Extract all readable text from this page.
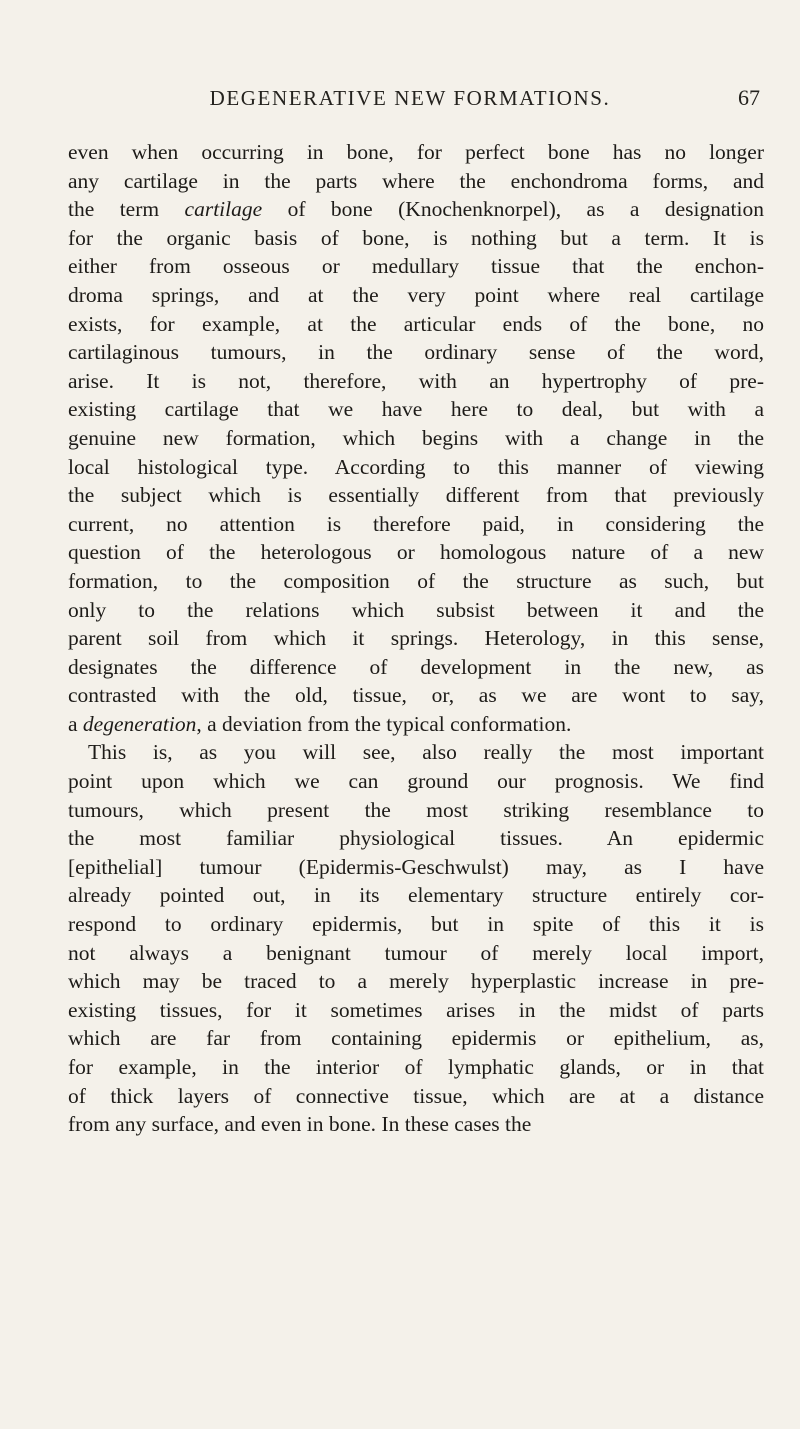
DEGENERATIVE NEW FORMATIONS.	67
even when occurring in bone, for perfect bone has no longer
any cartilage in the parts where the enchondroma forms, and
the term cartilage of bone (Knochenknorpel), as a designation
for the organic basis of bone, is nothing but a term. It is
either from osseous or medullary tissue that the enchon-
droma springs, and at the very point where real cartilage
exists, for example, at the articular ends of the bone, no
cartilaginous tumours, in the ordinary sense of the word,
arise. It is not, therefore, with an hypertrophy of pre-
existing cartilage that we have here to deal, but with a
genuine new formation, which begins with a change in the
local histological type. According to this manner of viewing
the subject which is essentially different from that previously
current, no attention is therefore paid, in considering the
question of the heterologous or homologous nature of a new
formation, to the composition of the structure as such, but
only to the relations which subsist between it and the
parent soil from which it springs. Heterology, in this sense,
designates the difference of development in the new, as
contrasted with the old, tissue, or, as we are wont to say,
a degeneration, a deviation from the typical conformation.
This is, as you will see, also really the most important
point upon which we can ground our prognosis. We find
tumours, which present the most striking resemblance to
the most familiar physiological tissues. An epidermic
[epithelial] tumour (Epidermis-Geschwulst) may, as I have
already pointed out, in its elementary structure entirely cor-
respond to ordinary epidermis, but in spite of this it is
not always a benignant tumour of merely local import,
which may be traced to a merely hyperplastic increase in pre-
existing tissues, for it sometimes arises in the midst of parts
which are far from containing epidermis or epithelium, as,
for example, in the interior of lymphatic glands, or in that
of thick layers of connective tissue, which are at a distance
from any surface, and even in bone. In these cases the
